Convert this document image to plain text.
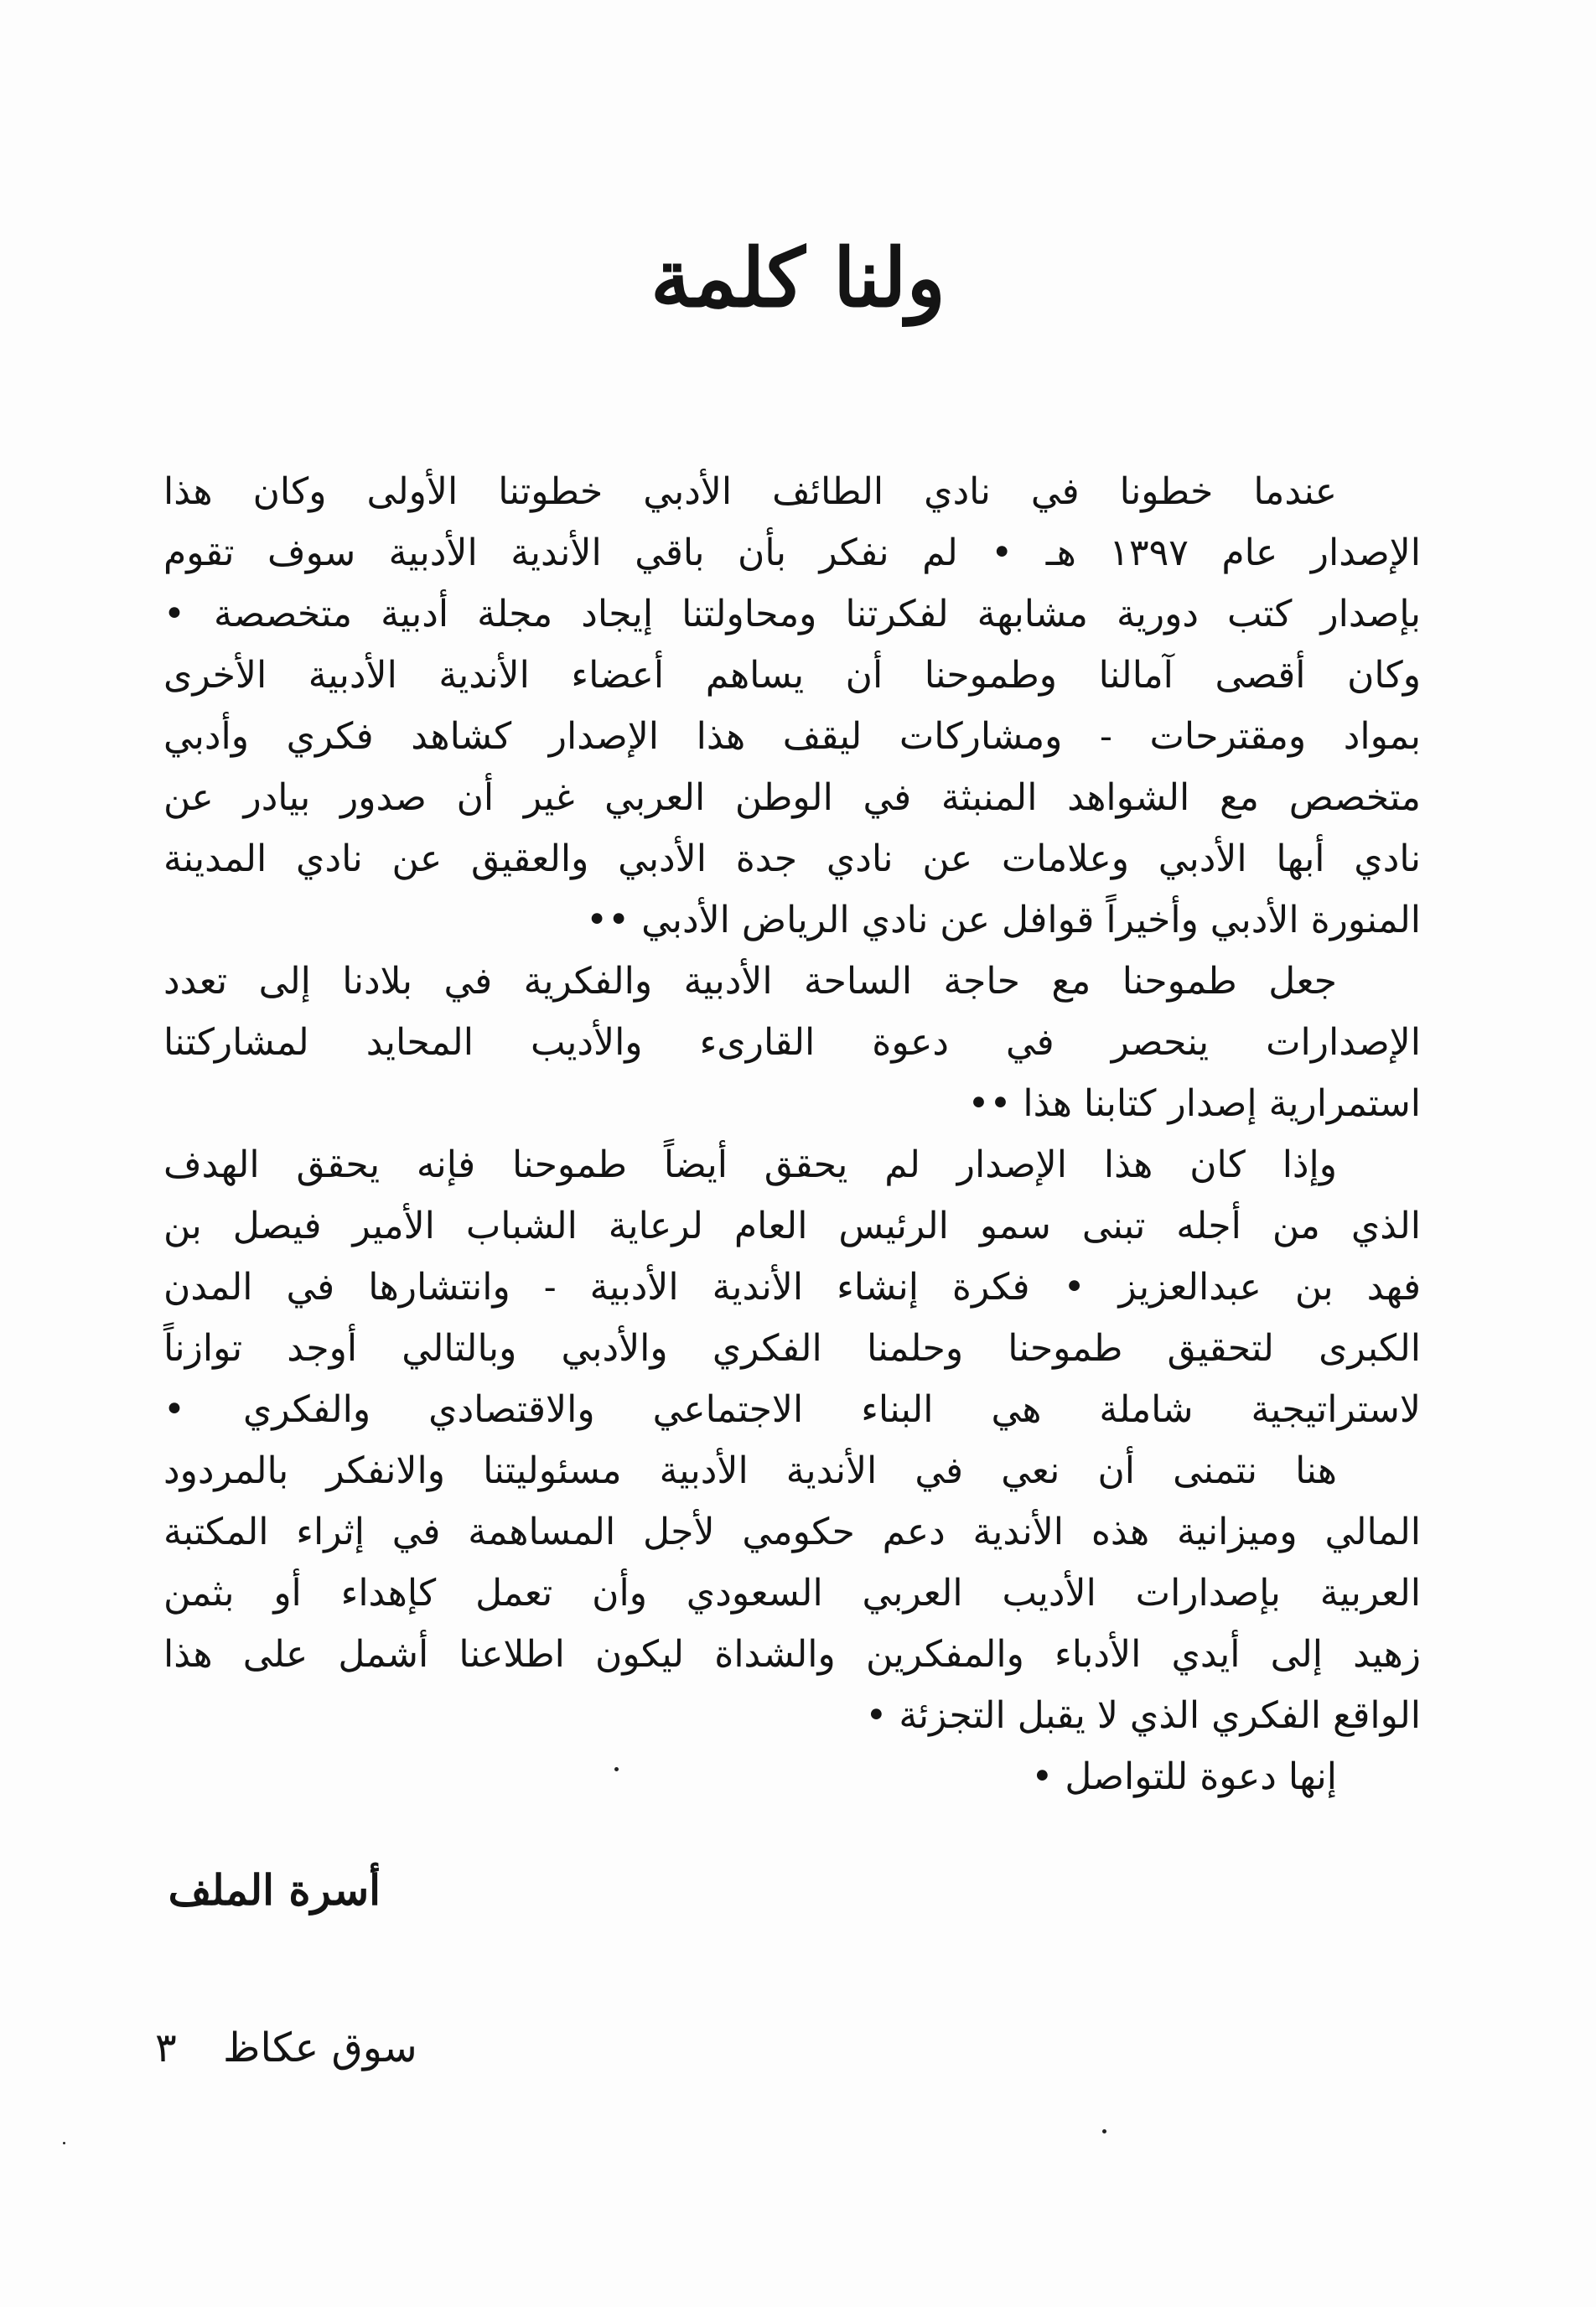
ولنا كلمة
عندما خطونا في نادي الطائف الأدبي خطوتنا الأولى وكان هذا
الإصدار عام ١٣٩٧ هـ • لم نفكر بأن باقي الأندية الأدبية سوف تقوم
بإصدار كتب دورية مشابهة لفكرتنا ومحاولتنا إيجاد مجلة أدبية متخصصة •
وكان أقصى آمالنا وطموحنا أن يساهم أعضاء الأندية الأدبية الأخرى
بمواد ومقترحات - ومشاركات ليقف هذا الإصدار كشاهد فكري وأدبي
متخصص مع الشواهد المنبثة في الوطن العربي غير أن صدور بيادر عن
نادي أبها الأدبي وعلامات عن نادي جدة الأدبي والعقيق عن نادي المدينة
المنورة الأدبي وأخيراً قوافل عن نادي الرياض الأدبي ••
جعل طموحنا مع حاجة الساحة الأدبية والفكرية في بلادنا إلى تعدد
الإصدارات ينحصر في دعوة القارىء والأديب المحايد لمشاركتنا
استمرارية إصدار كتابنا هذا ••
وإذا كان هذا الإصدار لم يحقق أيضاً طموحنا فإنه يحقق الهدف
الذي من أجله تبنى سمو الرئيس العام لرعاية الشباب الأمير فيصل بن
فهد بن عبدالعزيز • فكرة إنشاء الأندية الأدبية - وانتشارها في المدن
الكبرى لتحقيق طموحنا وحلمنا الفكري والأدبي وبالتالي أوجد توازناً
لاستراتيجية شاملة هي البناء الاجتماعي والاقتصادي والفكري •
هنا نتمنى أن نعي في الأندية الأدبية مسئوليتنا والانفكر بالمردود
المالي وميزانية هذه الأندية دعم حكومي لأجل المساهمة في إثراء المكتبة
العربية بإصدارات الأديب العربي السعودي وأن تعمل كإهداء أو بثمن
زهيد إلى أيدي الأدباء والمفكرين والشداة ليكون اطلاعنا أشمل على هذا
الواقع الفكري الذي لا يقبل التجزئة •
إنها دعوة للتواصل •
أسرة الملف
سوق عكاظ ٣
